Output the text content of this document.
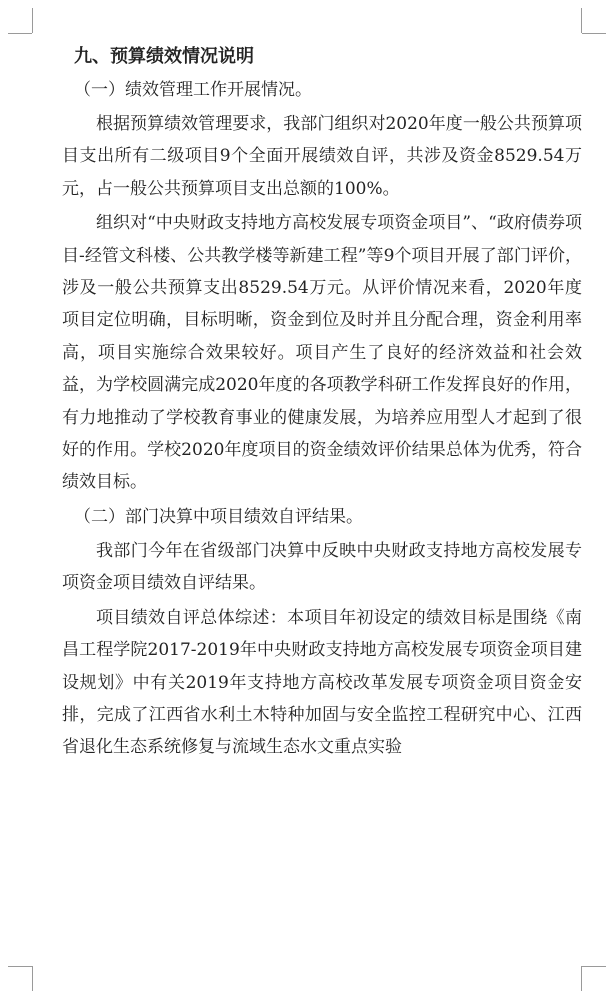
九、预算绩效情况说明
（一）绩效管理工作开展情况。

根据预算绩效管理要求，我部门组织对2020年度一般公共预算项目支出所有二级项目9个全面开展绩效自评，共涉及资金8529.54万元，占一般公共预算项目支出总额的100%。

组织对“中央财政支持地方高校发展专项资金项目”、“政府债券项目-经管文科楼、公共教学楼等新建工程”等9个项目开展了部门评价，涉及一般公共预算支出8529.54万元。从评价情况来看，2020年度项目定位明确，目标明晰，资金到位及时并且分配合理，资金利用率高，项目实施综合效果较好。项目产生了良好的经济效益和社会效益，为学校圆满完成2020年度的各项教学科研工作发挥良好的作用，有力地推动了学校教育事业的健康发展，为培养应用型人才起到了很好的作用。学校2020年度项目的资金绩效评价结果总体为优秀，符合绩效目标。

（二）部门决算中项目绩效自评结果。

我部门今年在省级部门决算中反映中央财政支持地方高校发展专项资金项目绩效自评结果。

项目绩效自评总体综述：本项目年初设定的绩效目标是围绕《南昌工程学院2017-2019年中央财政支持地方高校发展专项资金项目建设规划》中有关2019年支持地方高校改革发展专项资金项目资金安排，完成了江西省水利土木特种加固与安全监控工程研究中心、江西省退化生态系统修复与流域生态水文重点实验
